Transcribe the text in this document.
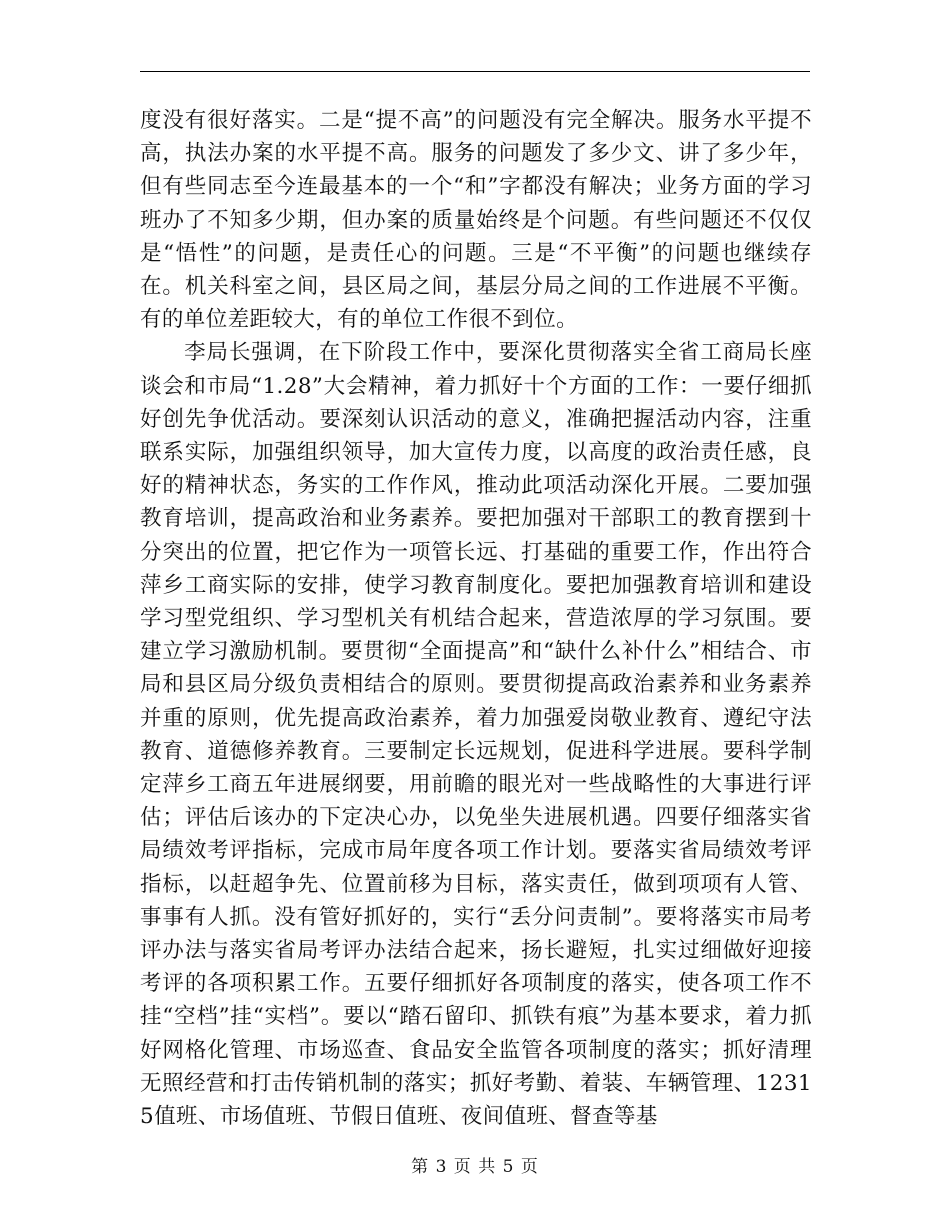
度没有很好落实。二是“提不高”的问题没有完全解决。服务水平提不高，执法办案的水平提不高。服务的问题发了多少文、讲了多少年，但有些同志至今连最基本的一个“和”字都没有解决；业务方面的学习班办了不知多少期，但办案的质量始终是个问题。有些问题还不仅仅是“悟性”的问题，是责任心的问题。三是“不平衡”的问题也继续存在。机关科室之间，县区局之间，基层分局之间的工作进展不平衡。有的单位差距较大，有的单位工作很不到位。

李局长强调，在下阶段工作中，要深化贯彻落实全省工商局长座谈会和市局“1.28”大会精神，着力抓好十个方面的工作：一要仔细抓好创先争优活动。要深刻认识活动的意义，准确把握活动内容，注重联系实际，加强组织领导，加大宣传力度，以高度的政治责任感，良好的精神状态，务实的工作作风，推动此项活动深化开展。二要加强教育培训，提高政治和业务素养。要把加强对干部职工的教育摆到十分突出的位置，把它作为一项管长远、打基础的重要工作，作出符合萍乡工商实际的安排，使学习教育制度化。要把加强教育培训和建设学习型党组织、学习型机关有机结合起来，营造浓厚的学习氛围。要建立学习激励机制。要贯彻“全面提高”和“缺什么补什么”相结合、市局和县区局分级负责相结合的原则。要贯彻提高政治素养和业务素养并重的原则，优先提高政治素养，着力加强爱岗敬业教育、遵纪守法教育、道德修养教育。三要制定长远规划，促进科学进展。要科学制定萍乡工商五年进展纲要，用前瞻的眼光对一些战略性的大事进行评估；评估后该办的下定决心办，以免坐失进展机遇。四要仔细落实省局绩效考评指标，完成市局年度各项工作计划。要落实省局绩效考评指标，以赶超争先、位置前移为目标，落实责任，做到项项有人管、事事有人抓。没有管好抓好的，实行“丢分问责制”。要将落实市局考评办法与落实省局考评办法结合起来，扬长避短，扎实过细做好迎接考评的各项积累工作。五要仔细抓好各项制度的落实，使各项工作不挂“空档”挂“实档”。要以“踏石留印、抓铁有痕”为基本要求，着力抓好网格化管理、市场巡查、食品安全监管各项制度的落实；抓好清理无照经营和打击传销机制的落实；抓好考勤、着装、车辆管理、12315值班、市场值班、节假日值班、夜间值班、督查等基

第 3 页 共 5 页
